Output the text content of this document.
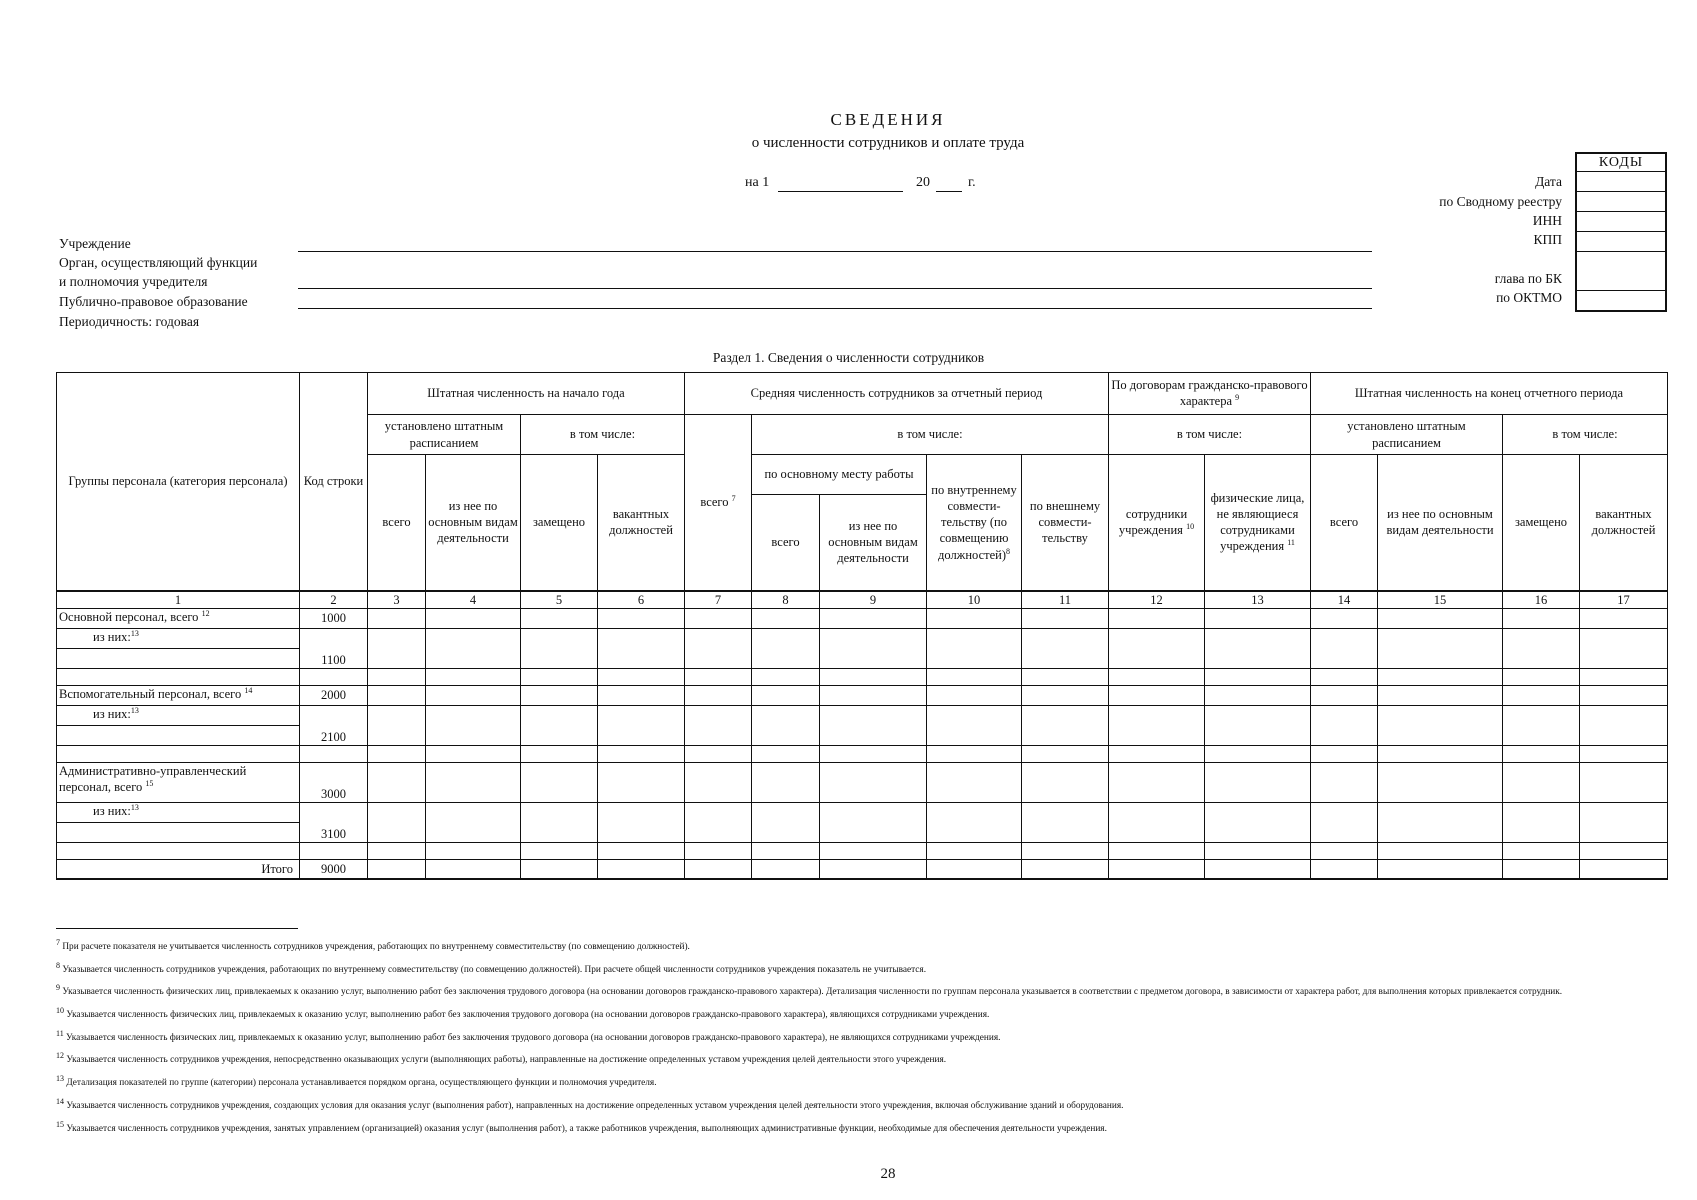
СВЕДЕНИЯ
о численности сотрудников и оплате труда
на 1	20	г.
Учреждение
Орган, осуществляющий функции
и полномочия учредителя
Публично-правовое образование
Периодичность: годовая
Дата
по Сводному реестру
ИНН
КПП
глава по БК
по ОКТМО
КОДЫ
Раздел 1. Сведения о численности сотрудников
Группы персонала (категория персонала)	Код строки	Штатная численность на начало года				Средняя численность сотрудников за отчетный период					По договорам гражданско-правового характера $^9$		Штатная численность на конец отчетного периода			
		установлено штатным расписанием		в том числе:		всего $^7$	в том числе:				в том числе:		установлено штатным расписанием		в том числе:	
		всего	из нее по основным видам деятельности	замещено	вакантных должностей		по основному месту работы		по внутреннему совмести-тельству (по совмещению должностей)$^8$	по внешнему совмести-тельству	сотрудники учреждения $^{10}$	физические лица, не являющиеся сотрудниками учреждения $^{11}$	всего	из нее по основным видам деятельности	замещено	вакантных должностей
							всего	из нее по основным видам деятельности								
1	2	3	4	5	6	7	8	9	10	11	12	13	14	15	16	17
Основной персонал, всего $^{12}$	1000															
из них:$^{13}$	1100															

Вспомогательный персонал, всего $^{14}$	2000															
из них:$^{13}$	2100															

Административно-управленческий персонал, всего $^{15}$	3000															
из них:$^{13}$	3100															

Итого	9000															
$^7$ При расчете показателя не учитывается численность сотрудников учреждения, работающих по внутреннему совместительству (по совмещению должностей).
$^8$ Указывается численность сотрудников учреждения, работающих по внутреннему совместительству (по совмещению должностей). При расчете общей численности сотрудников учреждения показатель не учитывается.
$^9$ Указывается численность физических лиц, привлекаемых к оказанию услуг, выполнению работ без заключения трудового договора (на основании договоров гражданско-правового характера). Детализация численности по группам персонала указывается в соответствии с предметом договора, в зависимости от характера работ, для выполнения которых привлекается сотрудник.
$^{10}$ Указывается численность физических лиц, привлекаемых к оказанию услуг, выполнению работ без заключения трудового договора (на основании договоров гражданско-правового характера), являющихся сотрудниками учреждения.
$^{11}$ Указывается численность физических лиц, привлекаемых к оказанию услуг, выполнению работ без заключения трудового договора (на основании договоров гражданско-правового характера), не являющихся сотрудниками учреждения.
$^{12}$ Указывается численность сотрудников учреждения, непосредственно оказывающих услуги (выполняющих работы), направленные на достижение определенных уставом учреждения целей деятельности этого учреждения.
$^{13}$ Детализация показателей по группе (категории) персонала устанавливается порядком органа, осуществляющего функции и полномочия учредителя.
$^{14}$ Указывается численность сотрудников учреждения, создающих условия для оказания услуг (выполнения работ), направленных на достижение определенных уставом учреждения целей деятельности этого учреждения, включая обслуживание зданий и оборудования.
$^{15}$ Указывается численность сотрудников учреждения, занятых управлением (организацией) оказания услуг (выполнения работ), а также работников учреждения, выполняющих административные функции, необходимые для обеспечения деятельности учреждения.
28
